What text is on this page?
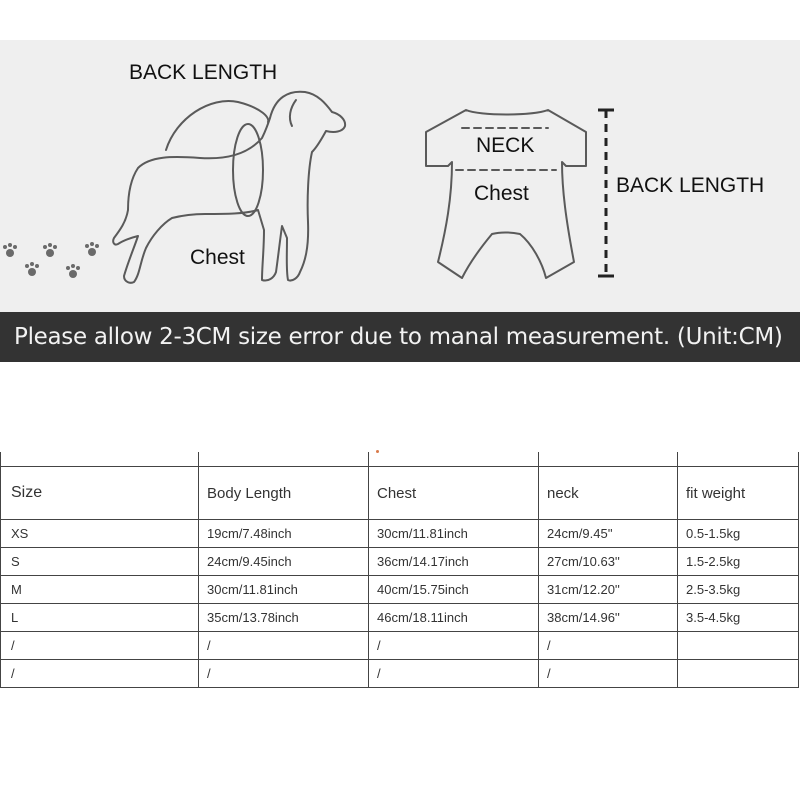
BACK LENGTH
Chest
NECK
Chest	BACK LENGTH
Please allow 2-3CM size error due to manal measurement. (Unit:CM)

Size	Body Length	Chest	neck	fit weight
XS	19cm/7.48inch	30cm/11.81inch	24cm/9.45''	0.5-1.5kg
S	24cm/9.45inch	36cm/14.17inch	27cm/10.63''	1.5-2.5kg
M	30cm/11.81inch	40cm/15.75inch	31cm/12.20''	2.5-3.5kg
L	35cm/13.78inch	46cm/18.11inch	38cm/14.96''	3.5-4.5kg
/	/	/	/	
/	/	/	/	
